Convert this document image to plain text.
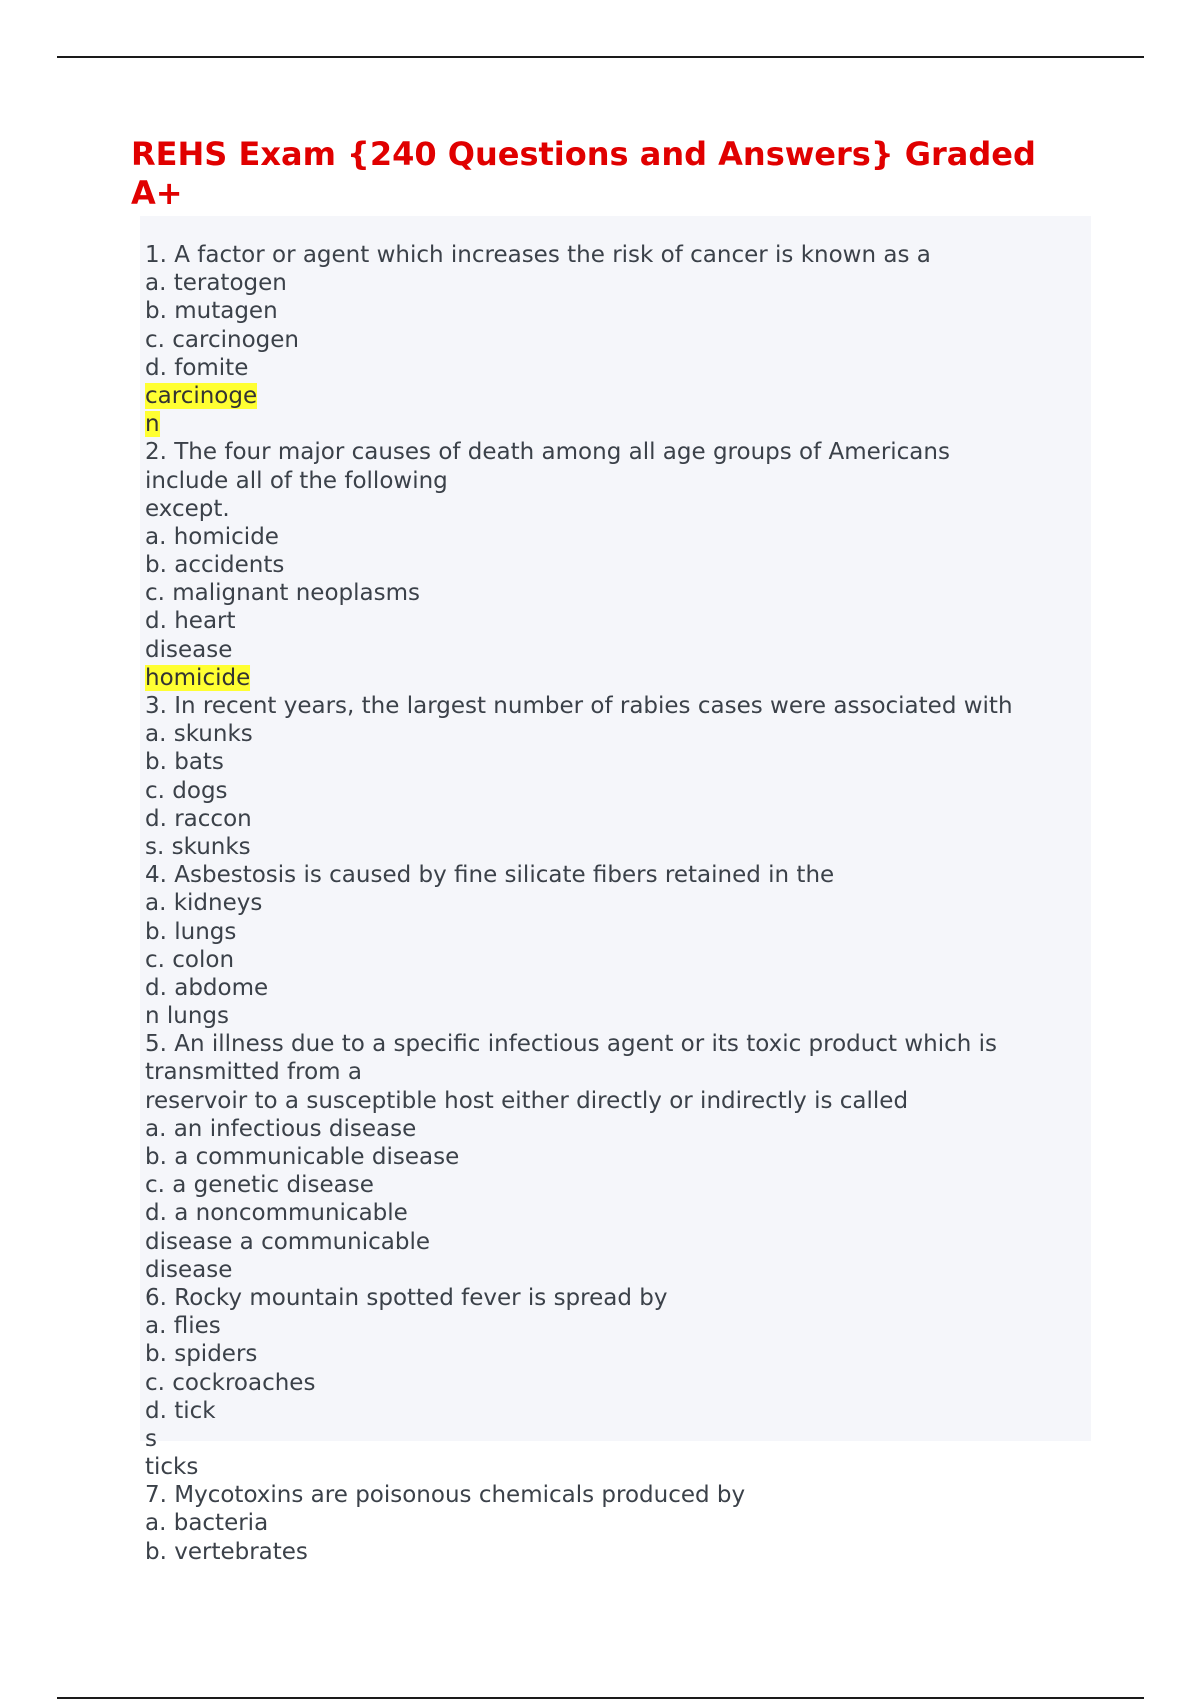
REHS Exam {240 Questions and Answers} Graded A+
1. A factor or agent which increases the risk of cancer is known as a
a. teratogen
b. mutagen
c. carcinogen
d. fomite
carcinoge
n
2. The four major causes of death among all age groups of Americans
include all of the following
except.
a. homicide
b. accidents
c. malignant neoplasms
d. heart
disease
homicide
3. In recent years, the largest number of rabies cases were associated with
a. skunks
b. bats
c. dogs
d. raccon
s. skunks
4. Asbestosis is caused by fine silicate fibers retained in the
a. kidneys
b. lungs
c. colon
d. abdome
n lungs
5. An illness due to a specific infectious agent or its toxic product which is
transmitted from a
reservoir to a susceptible host either directly or indirectly is called
a. an infectious disease
b. a communicable disease
c. a genetic disease
d. a noncommunicable
disease a communicable
disease
6. Rocky mountain spotted fever is spread by
a. flies
b. spiders
c. cockroaches
d. tick
s
ticks
7. Mycotoxins are poisonous chemicals produced by
a. bacteria
b. vertebrates
